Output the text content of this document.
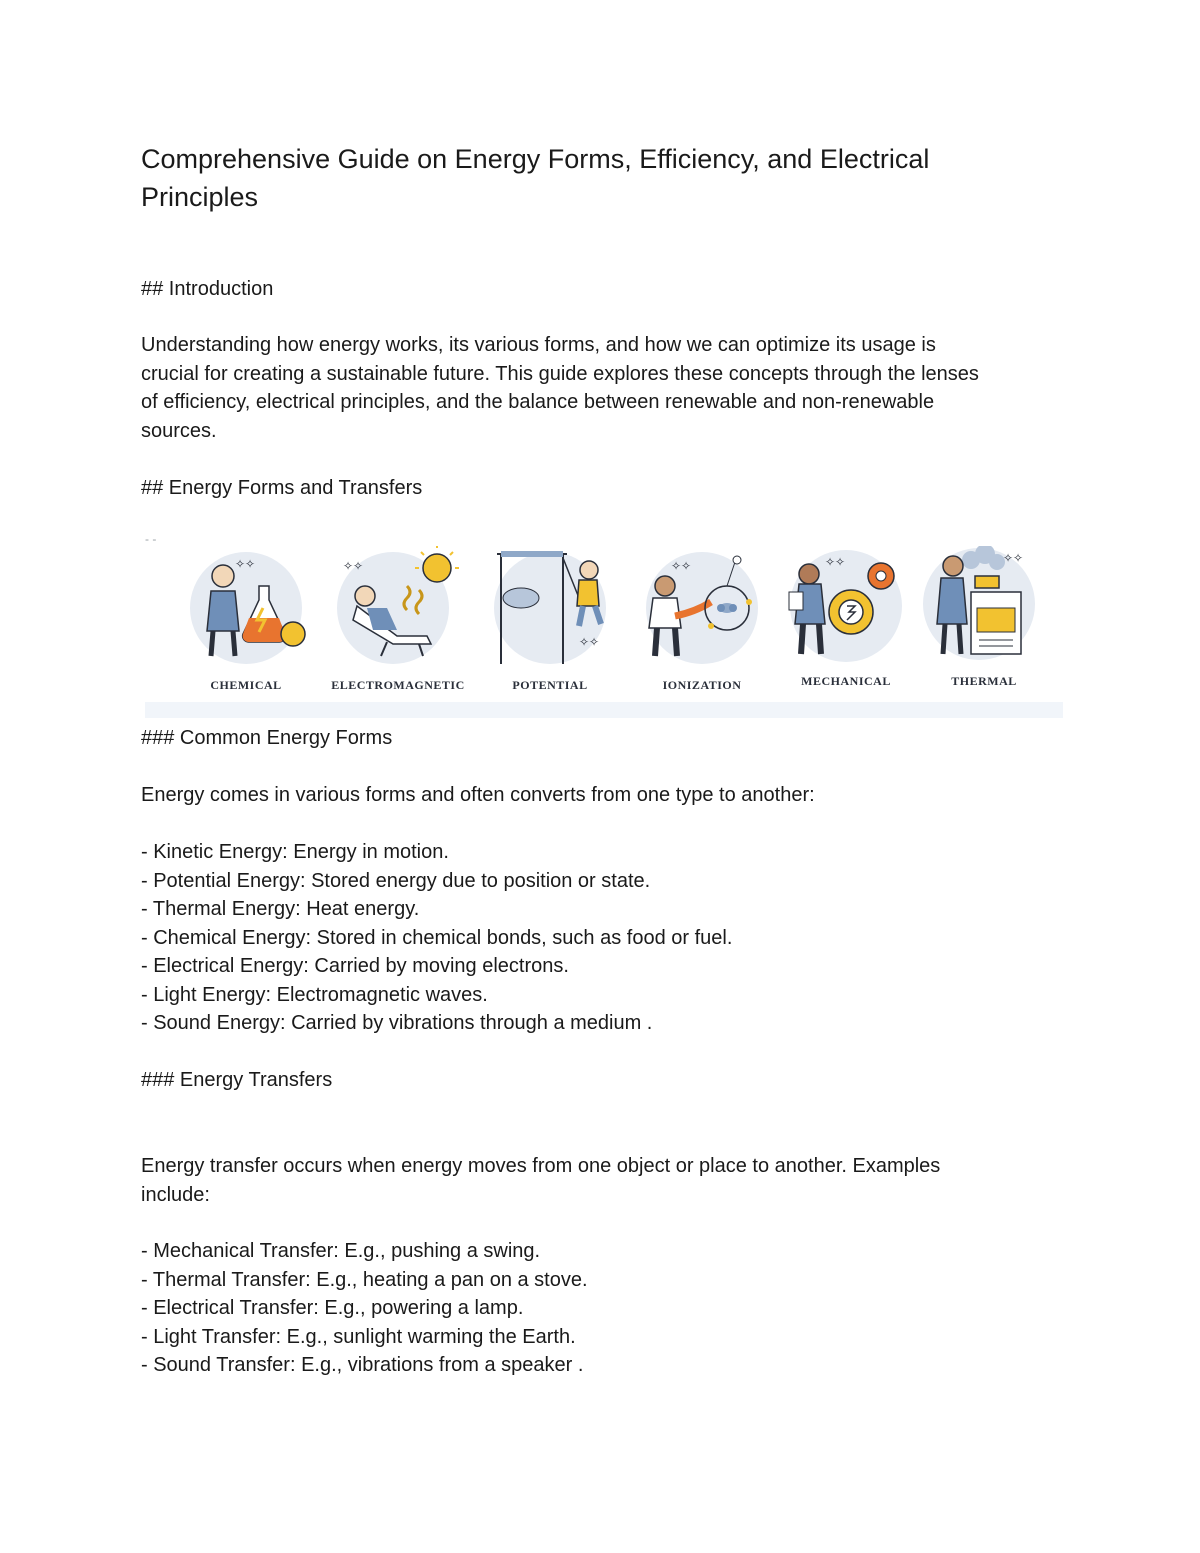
Comprehensive Guide on Energy Forms, Efficiency, and Electrical
Principles
## Introduction
Understanding how energy works, its various forms, and how we can optimize its usage is
crucial for creating a sustainable future. This guide explores these concepts through the lenses
of efficiency, electrical principles, and the balance between renewable and non-renewable
sources.
## Energy Forms and Transfers
- -
✧✧
CHEMICAL
✧✧
ELECTROMAGNETIC
✧✧
POTENTIAL
✧✧
IONIZATION
✧✧
MECHANICAL
✧✧
THERMAL
### Common Energy Forms
Energy comes in various forms and often converts from one type to another:
- Kinetic Energy: Energy in motion.
- Potential Energy: Stored energy due to position or state.
- Thermal Energy: Heat energy.
- Chemical Energy: Stored in chemical bonds, such as food or fuel.
- Electrical Energy: Carried by moving electrons.
- Light Energy: Electromagnetic waves.
- Sound Energy: Carried by vibrations through a medium .
### Energy Transfers
Energy transfer occurs when energy moves from one object or place to another. Examples
include:
- Mechanical Transfer: E.g., pushing a swing.
- Thermal Transfer: E.g., heating a pan on a stove.
- Electrical Transfer: E.g., powering a lamp.
- Light Transfer: E.g., sunlight warming the Earth.
- Sound Transfer: E.g., vibrations from a speaker .
